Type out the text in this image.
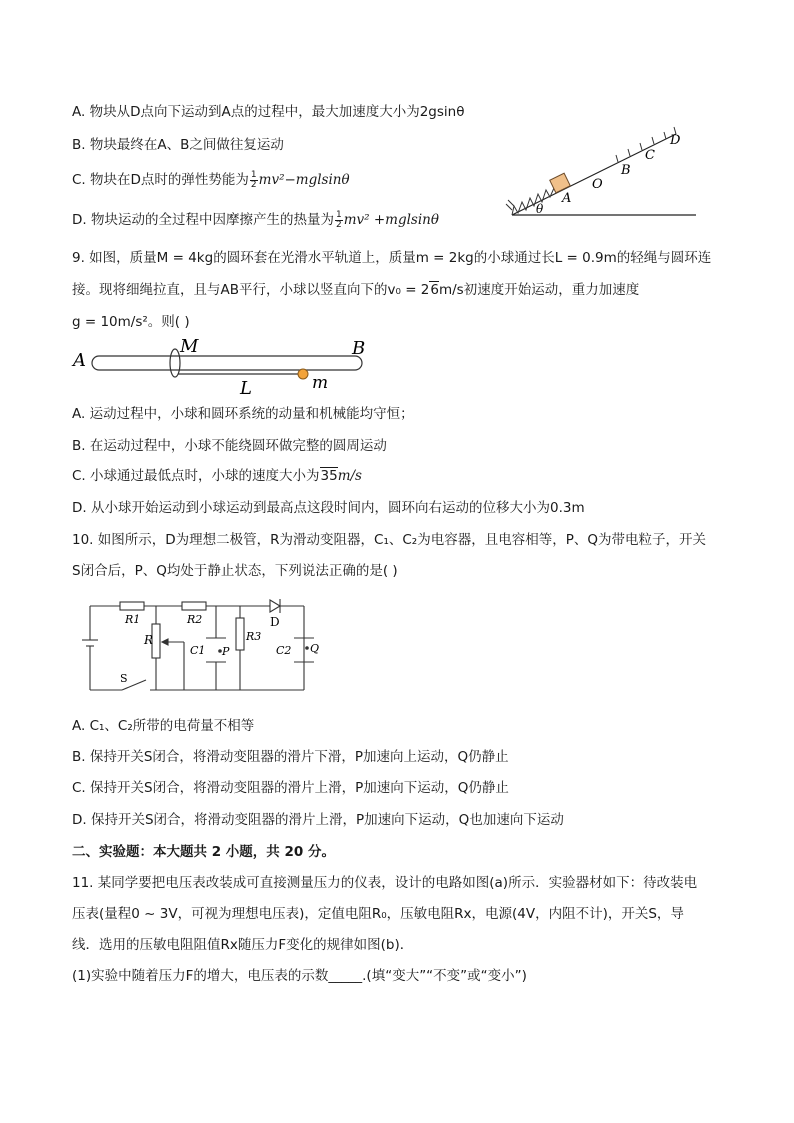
A. 物块从D点向下运动到A点的过程中，最大加速度大小为2gsinθ
B. 物块最终在A、B之间做往复运动
C. 物块在D点时的弹性势能为 $\frac{1}{2} mv^2-mglsin\theta$
D. 物块运动的全过程中因摩擦产生的热量为 $\frac{1}{2} mv^2 +mglsin\theta$
D
C
B
O
A
θ
9. 如图，质量M = 4kg的圆环套在光滑水平轨道上，质量m = 2kg的小球通过长L = 0.9m的轻绳与圆环连
接。现将细绳拉直，且与AB平行，小球以竖直向下的v₀ = 26m/s初速度开始运动，重力加速度
g = 10m/s²。则( )
A
M	B
L	m
A. 运动过程中，小球和圆环系统的动量和机械能均守恒；
B. 在运动过程中，小球不能绕圆环做完整的圆周运动
C. 小球通过最低点时，小球的速度大小为35m/s
D. 从小球开始运动到小球运动到最高点这段时间内，圆环向右运动的位移大小为0.3m
10. 如图所示，D为理想二极管，R为滑动变阻器，C₁、C₂为电容器，且电容相等，P、Q为带电粒子，开关
S闭合后，P、Q均处于静止状态，下列说法正确的是( )
R1	R2	D
R	R3
C1 P	C2 Q
S
A. C₁、C₂所带的电荷量不相等
B. 保持开关S闭合，将滑动变阻器的滑片下滑，P加速向上运动，Q仍静止
C. 保持开关S闭合，将滑动变阻器的滑片上滑，P加速向下运动，Q仍静止
D. 保持开关S闭合，将滑动变阻器的滑片上滑，P加速向下运动，Q也加速向下运动
二、实验题：本大题共 2 小题，共 20 分。
11. 某同学要把电压表改装成可直接测量压力的仪表，设计的电路如图(a)所示．实验器材如下：待改装电
压表(量程0 ~ 3V，可视为理想电压表)，定值电阻R₀，压敏电阻Rx，电源(4V，内阻不计)，开关S，导
线．选用的压敏电阻阻值Rx随压力F变化的规律如图(b)．
(1)实验中随着压力F的增大，电压表的示数_____.(填“变大”“不变”或“变小”)
